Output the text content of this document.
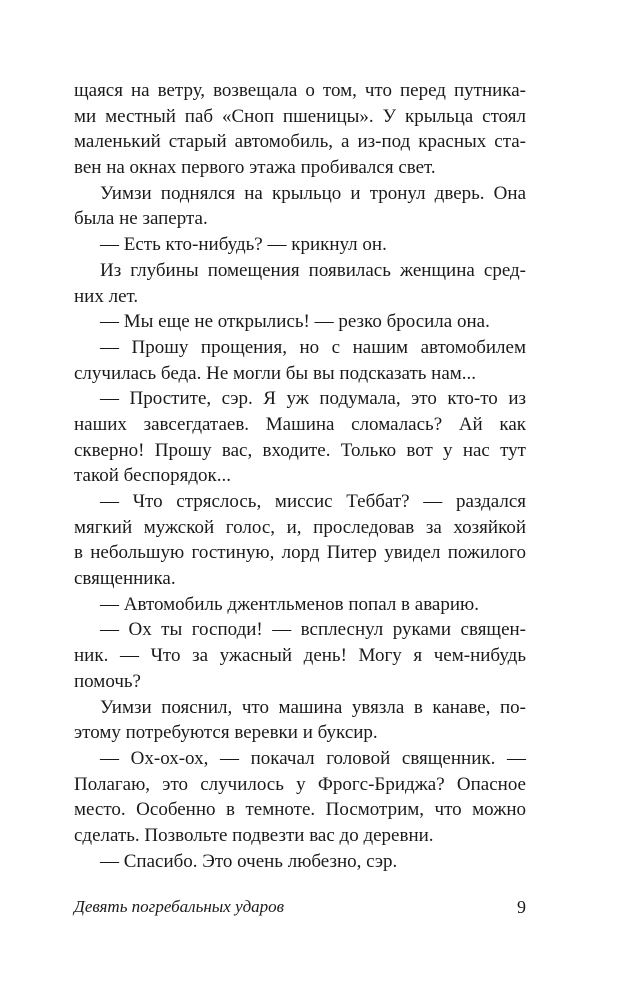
щаяся на ветру, возвещала о том, что перед путника-
ми местный паб «Сноп пшеницы». У крыльца стоял
маленький старый автомобиль, а из-под красных ста-
вен на окнах первого этажа пробивался свет.
Уимзи поднялся на крыльцо и тронул дверь. Она
была не заперта.
— Есть кто-нибудь? — крикнул он.
Из глубины помещения появилась женщина сред-
них лет.
— Мы еще не открылись! — резко бросила она.
— Прошу прощения, но с нашим автомобилем
случилась беда. Не могли бы вы подсказать нам...
— Простите, сэр. Я уж подумала, это кто-то из
наших завсегдатаев. Машина сломалась? Ай как
скверно! Прошу вас, входите. Только вот у нас тут
такой беспорядок...
— Что стряслось, миссис Теббат? — раздался
мягкий мужской голос, и, проследовав за хозяйкой
в небольшую гостиную, лорд Питер увидел пожилого
священника.
— Автомобиль джентльменов попал в аварию.
— Ох ты господи! — всплеснул руками священ-
ник. — Что за ужасный день! Могу я чем-нибудь
помочь?
Уимзи пояснил, что машина увязла в канаве, по-
этому потребуются веревки и буксир.
— Ох-ох-ох, — покачал головой священник. —
Полагаю, это случилось у Фрогс-Бриджа? Опасное
место. Особенно в темноте. Посмотрим, что можно
сделать. Позвольте подвезти вас до деревни.
— Спасибо. Это очень любезно, сэр.
Девять погребальных ударов	9
